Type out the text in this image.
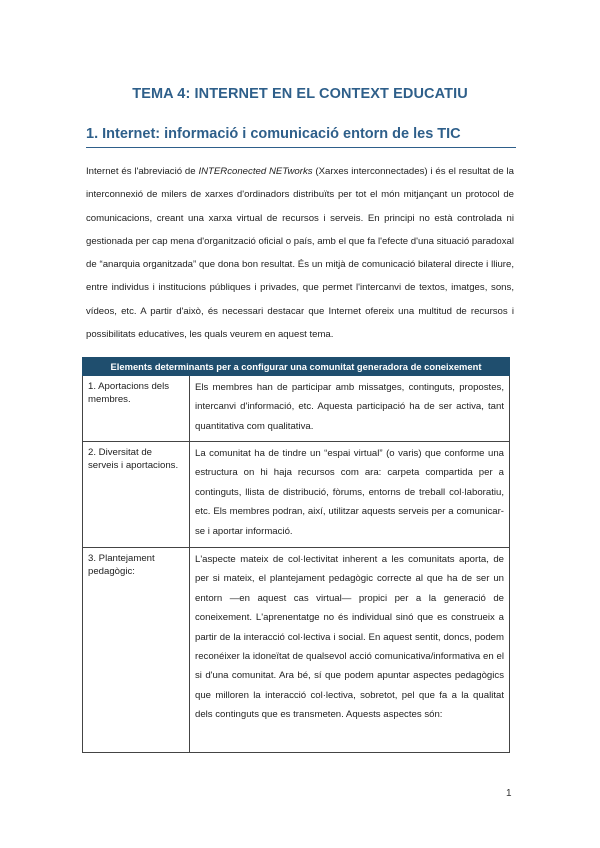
TEMA 4: INTERNET EN EL CONTEXT EDUCATIU
1. Internet: informació i comunicació entorn de les TIC

Internet és l'abreviació de INTERconected NETworks (Xarxes interconnectades) i és el resultat de la interconnexió de milers de xarxes d'ordinadors distribuïts per tot el món mitjançant un protocol de comunicacions, creant una xarxa virtual de recursos i serveis. En principi no està controlada ni gestionada per cap mena d'organització oficial o país, amb el que fa l'efecte d'una situació paradoxal de “anarquia organitzada” que dona bon resultat. És un mitjà de comunicació bilateral directe i lliure, entre individus i institucions públiques i privades, que permet l'intercanvi de textos, imatges, sons, vídeos, etc. A partir d'això, és necessari destacar que Internet ofereix una multitud de recursos i possibilitats educatives, les quals veurem en aquest tema.

Elements determinants per a configurar una comunitat generadora de coneixement	
1. Aportacions dels membres.	Els membres han de participar amb missatges, continguts, propostes, intercanvi d'informació, etc. Aquesta participació ha de ser activa, tant quantitativa com qualitativa.
2. Diversitat de serveis i aportacions.	La comunitat ha de tindre un “espai virtual” (o varis) que conforme una estructura on hi haja recursos com ara: carpeta compartida per a continguts, llista de distribució, fòrums, entorns de treball col·laboratiu, etc. Els membres podran, així, utilitzar aquests serveis per a comunicar-se i aportar informació.
3. Plantejament pedagògic:	L'aspecte mateix de col·lectivitat inherent a les comunitats aporta, de per si mateix, el plantejament pedagògic correcte al que ha de ser un entorn —en aquest cas virtual— propici per a la generació de coneixement. L'aprenentatge no és individual sinó que es construeix a partir de la interacció col·lectiva i social. En aquest sentit, doncs, podem reconéixer la idoneïtat de qualsevol acció comunicativa/informativa en el si d'una comunitat. Ara bé, sí que podem apuntar aspectes pedagògics que milloren la interacció col·lectiva, sobretot, pel que fa a la qualitat dels continguts que es transmeten. Aquests aspectes són:
1
